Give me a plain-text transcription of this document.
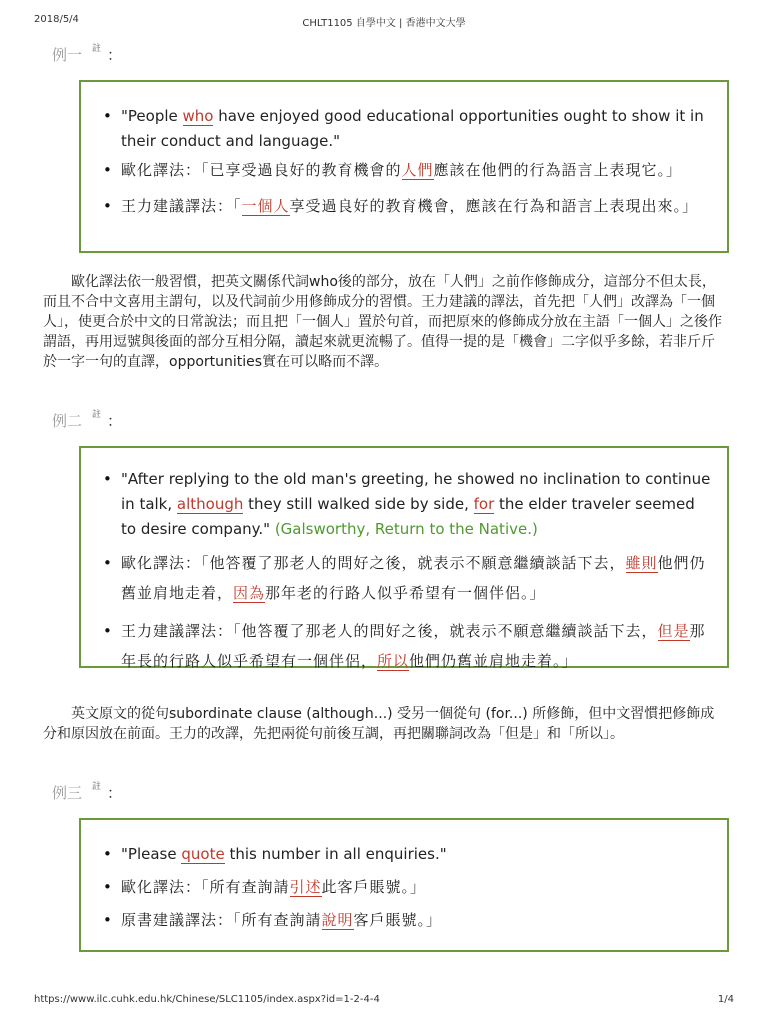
2018/5/4	CHLT1105 自學中文 | 香港中文大學
例一 $^註$ ：
• "People who have enjoyed good educational opportunities ought to show it in their conduct and language."
• 歐化譯法：「已享受過良好的教育機會的人們應該在他們的行為語言上表現它。」
• 王力建議譯法：「一個人享受過良好的教育機會，應該在行為和語言上表現出來。」
歐化譯法依一般習慣，把英文關係代詞who後的部分，放在「人們」之前作修飾成分，這部分不但太長，而且不合中文喜用主謂句，以及代詞前少用修飾成分的習慣。王力建議的譯法，首先把「人們」改譯為「一個人」，使更合於中文的日常說法；而且把「一個人」置於句首，而把原來的修飾成分放在主語「一個人」之後作謂語，再用逗號與後面的部分互相分隔，讀起來就更流暢了。值得一提的是「機會」二字似乎多餘，若非斤斤於一字一句的直譯，opportunities實在可以略而不譯。
例二 $^註$ ：
• "After replying to the old man's greeting, he showed no inclination to continue in talk, although they still walked side by side, for the elder traveler seemed to desire company." (Galsworthy, Return to the Native.)
• 歐化譯法：「他答覆了那老人的問好之後，就表示不願意繼續談話下去，雖則他們仍舊並肩地走着，因為那年老的行路人似乎希望有一個伴侶。」
• 王力建議譯法：「他答覆了那老人的問好之後，就表示不願意繼續談話下去，但是那年長的行路人似乎希望有一個伴侶，所以他們仍舊並肩地走着。」
英文原文的從句subordinate clause (although...) 受另一個從句 (for...) 所修飾，但中文習慣把修飾成分和原因放在前面。王力的改譯，先把兩從句前後互調，再把關聯詞改為「但是」和「所以」。
例三 $^註$ ：
• "Please quote this number in all enquiries."
• 歐化譯法：「所有查詢請引述此客戶賬號。」
• 原書建議譯法：「所有查詢請說明客戶賬號。」
https://www.ilc.cuhk.edu.hk/Chinese/SLC1105/index.aspx?id=1-2-4-4	1/4
